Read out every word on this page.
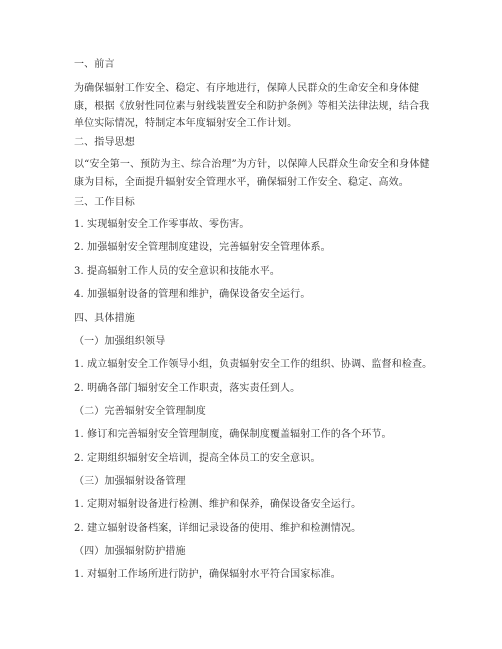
一、前言
为确保辐射工作安全、稳定、有序地进行，保障人民群众的生命安全和身体健康，根据《放射性同位素与射线装置安全和防护条例》等相关法律法规，结合我单位实际情况，特制定本年度辐射安全工作计划。
二、指导思想
以“安全第一、预防为主、综合治理”为方针，以保障人民群众生命安全和身体健康为目标，全面提升辐射安全管理水平，确保辐射工作安全、稳定、高效。
三、工作目标
1. 实现辐射安全工作零事故、零伤害。
2. 加强辐射安全管理制度建设，完善辐射安全管理体系。
3. 提高辐射工作人员的安全意识和技能水平。
4. 加强辐射设备的管理和维护，确保设备安全运行。
四、具体措施
（一）加强组织领导
1. 成立辐射安全工作领导小组，负责辐射安全工作的组织、协调、监督和检查。
2. 明确各部门辐射安全工作职责，落实责任到人。
（二）完善辐射安全管理制度
1. 修订和完善辐射安全管理制度，确保制度覆盖辐射工作的各个环节。
2. 定期组织辐射安全培训，提高全体员工的安全意识。
（三）加强辐射设备管理
1. 定期对辐射设备进行检测、维护和保养，确保设备安全运行。
2. 建立辐射设备档案，详细记录设备的使用、维护和检测情况。
（四）加强辐射防护措施
1. 对辐射工作场所进行防护，确保辐射水平符合国家标准。
